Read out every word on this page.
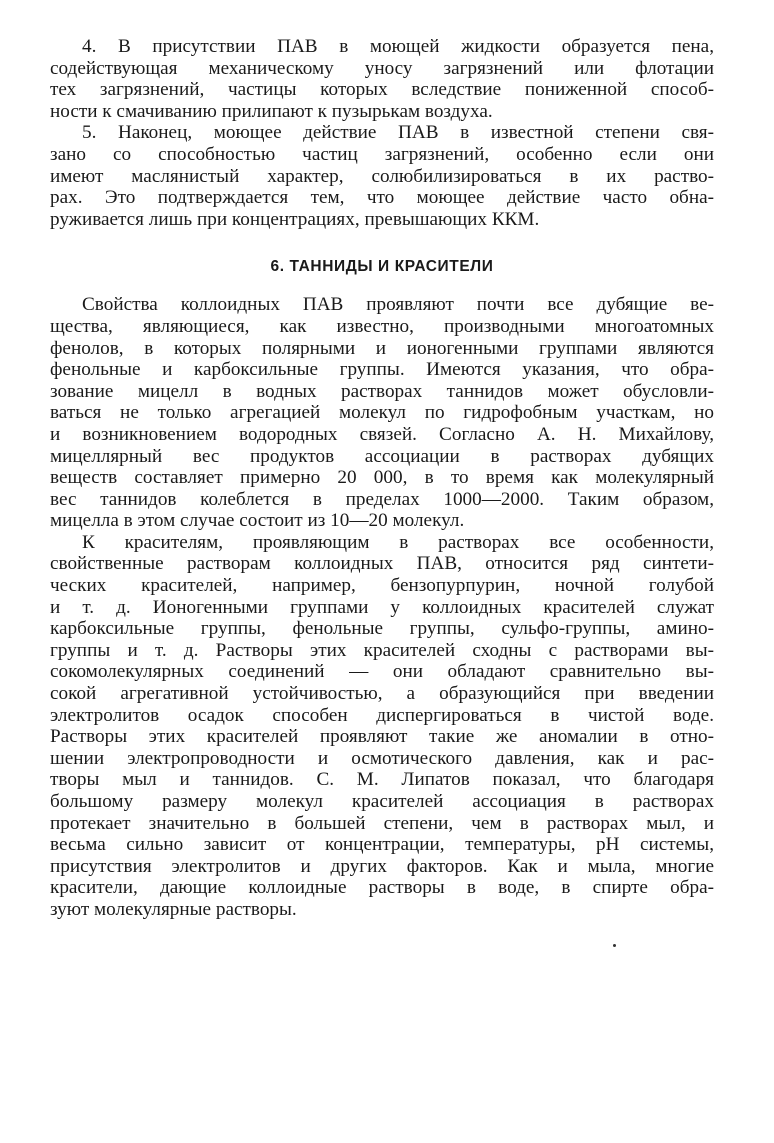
4. В присутствии ПАВ в моющей жидкости образуется пена,
содействующая механическому уносу загрязнений или флотации
тех загрязнений, частицы которых вследствие пониженной способ-
ности к смачиванию прилипают к пузырькам воздуха.

5. Наконец, моющее действие ПАВ в известной степени свя-
зано со способностью частиц загрязнений, особенно если они
имеют маслянистый характер, солюбилизироваться в их раство-
рах. Это подтверждается тем, что моющее действие часто обна-
руживается лишь при концентрациях, превышающих ККМ.

6. ТАННИДЫ И КРАСИТЕЛИ

Свойства коллоидных ПАВ проявляют почти все дубящие ве-
щества, являющиеся, как известно, производными многоатомных
фенолов, в которых полярными и ионогенными группами являются
фенольные и карбоксильные группы. Имеются указания, что обра-
зование мицелл в водных растворах таннидов может обусловли-
ваться не только агрегацией молекул по гидрофобным участкам, но
и возникновением водородных связей. Согласно А. Н. Михайлову,
мицеллярный вес продуктов ассоциации в растворах дубящих
веществ составляет примерно 20 000, в то время как молекулярный
вес таннидов колеблется в пределах 1000—2000. Таким образом,
мицелла в этом случае состоит из 10—20 молекул.

К красителям, проявляющим в растворах все особенности,
свойственные растворам коллоидных ПАВ, относится ряд синтети-
ческих красителей, например, бензопурпурин, ночной голубой
и т. д. Ионогенными группами у коллоидных красителей служат
карбоксильные группы, фенольные группы, сульфо-группы, амино-
группы и т. д. Растворы этих красителей сходны с растворами вы-
сокомолекулярных соединений — они обладают сравнительно вы-
сокой агрегативной устойчивостью, а образующийся при введении
электролитов осадок способен диспергироваться в чистой воде.
Растворы этих красителей проявляют такие же аномалии в отно-
шении электропроводности и осмотического давления, как и рас-
творы мыл и таннидов. С. М. Липатов показал, что благодаря
большому размеру молекул красителей ассоциация в растворах
протекает значительно в большей степени, чем в растворах мыл, и
весьма сильно зависит от концентрации, температуры, pH системы,
присутствия электролитов и других факторов. Как и мыла, многие
красители, дающие коллоидные растворы в воде, в спирте обра-
зуют молекулярные растворы.
